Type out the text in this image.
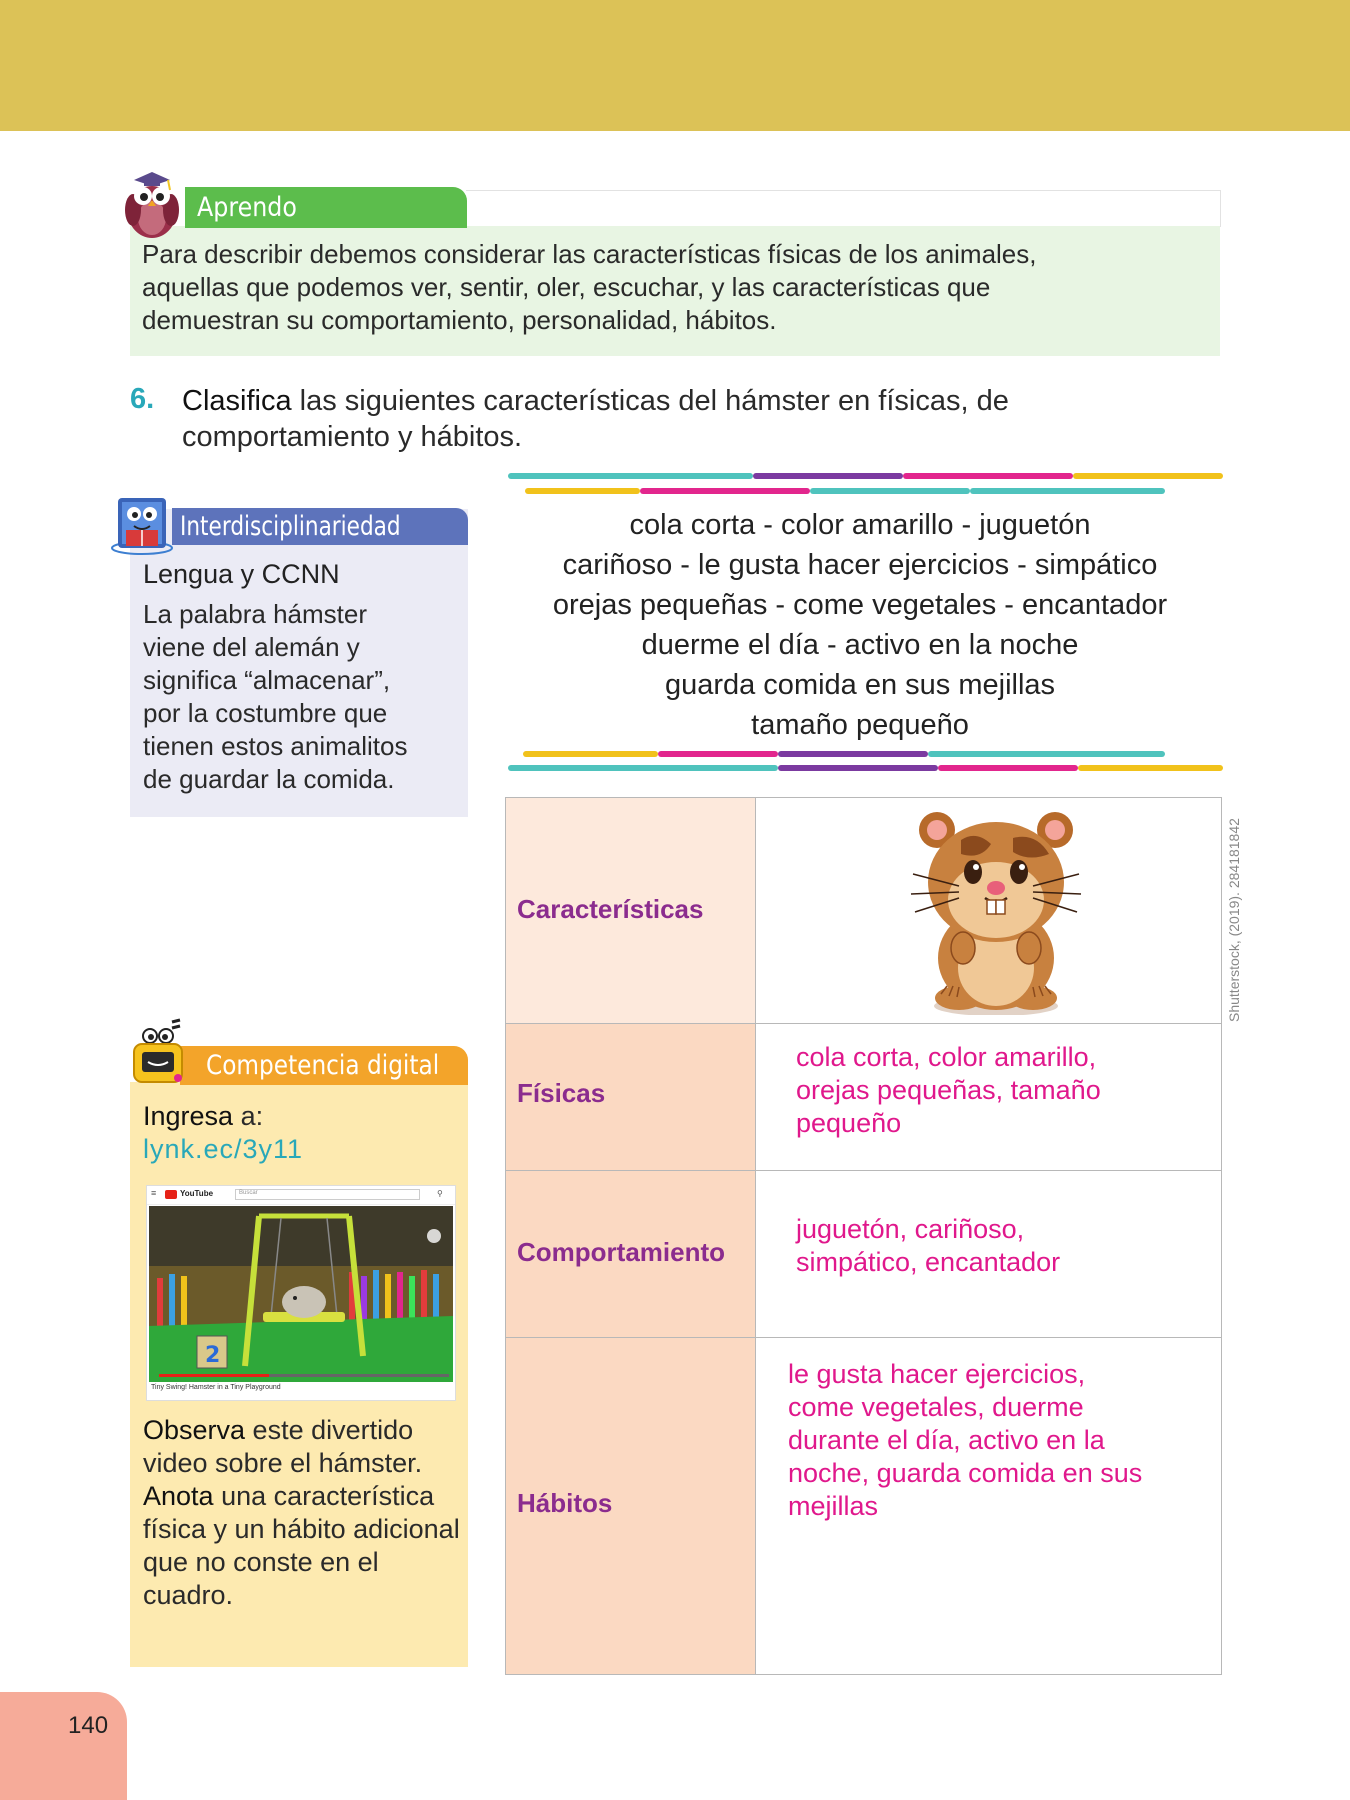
Aprendo
Para describir debemos considerar las características físicas de los animales,
aquellas que podemos ver, sentir, oler, escuchar, y las características que
demuestran su comportamiento, personalidad, hábitos.
6. Clasifica las siguientes características del hámster en físicas, de comportamiento y hábitos.
Interdisciplinariedad
Lengua y CCNN
La palabra hámster
viene del alemán y
significa “almacenar”,
por la costumbre que
tienen estos animalitos
de guardar la comida.
cola corta - color amarillo - juguetón
cariñoso - le gusta hacer ejercicios - simpático
orejas pequeñas - come vegetales - encantador
duerme el día - activo en la noche
guarda comida en sus mejillas
tamaño pequeño
Características
Físicas
cola corta, color amarillo,
orejas pequeñas, tamaño
pequeño
Comportamiento
juguetón, cariñoso,
simpático, encantador
Hábitos
le gusta hacer ejercicios,
come vegetales, duerme
durante el día, activo en la
noche, guarda comida en sus
mejillas
Shutterstock, (2019). 284181842
Competencia digital
Ingresa a:
lynk.ec/3y11
≡	YouTube	Buscar	⚲
2
Tiny Swing! Hamster in a Tiny Playground
Observa este divertido video sobre el hámster. Anota una característica física y un hábito adicional que no conste en el cuadro.
140
